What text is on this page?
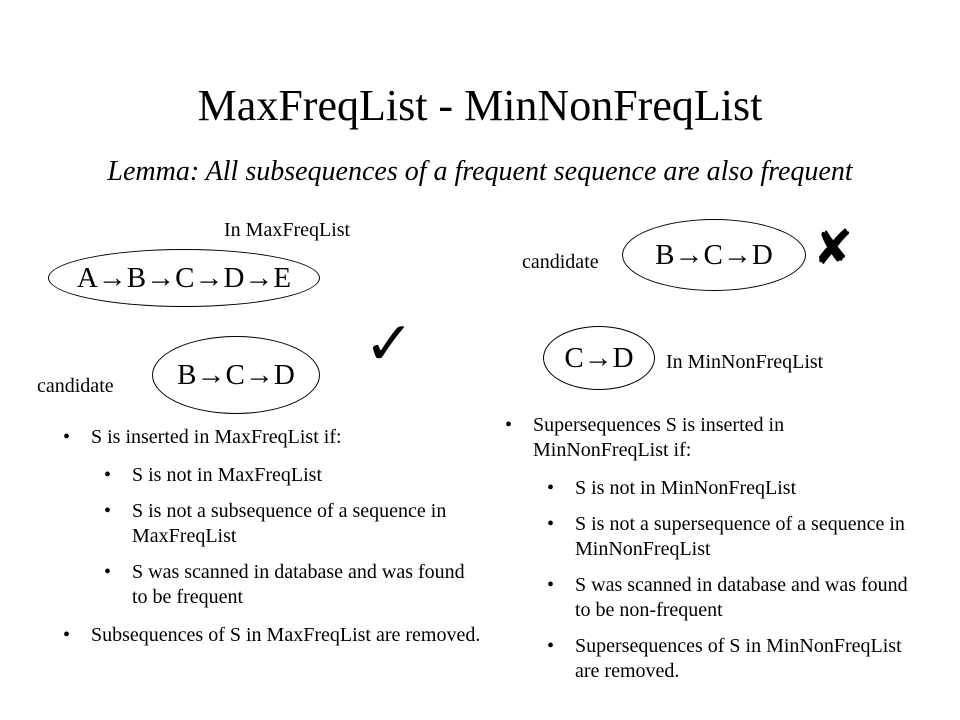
MaxFreqList - MinNonFreqList
Lemma: All subsequences of a frequent sequence are also frequent
In MaxFreqList
A→B→C→D→E
candidate B→C→D ✓
candidate B→C→D ✘
C→D In MinNonFreqList
• S is inserted in MaxFreqList if:
• S is not in MaxFreqList
• S is not a subsequence of a sequence in MaxFreqList
• S was scanned in database and was found to be frequent
• Subsequences of S in MaxFreqList are removed.
• Supersequences S is inserted in MinNonFreqList if:
• S is not in MinNonFreqList
• S is not a supersequence of a sequence in MinNonFreqList
• S was scanned in database and was found to be non-frequent
• Supersequences of S in MinNonFreqList are removed.
